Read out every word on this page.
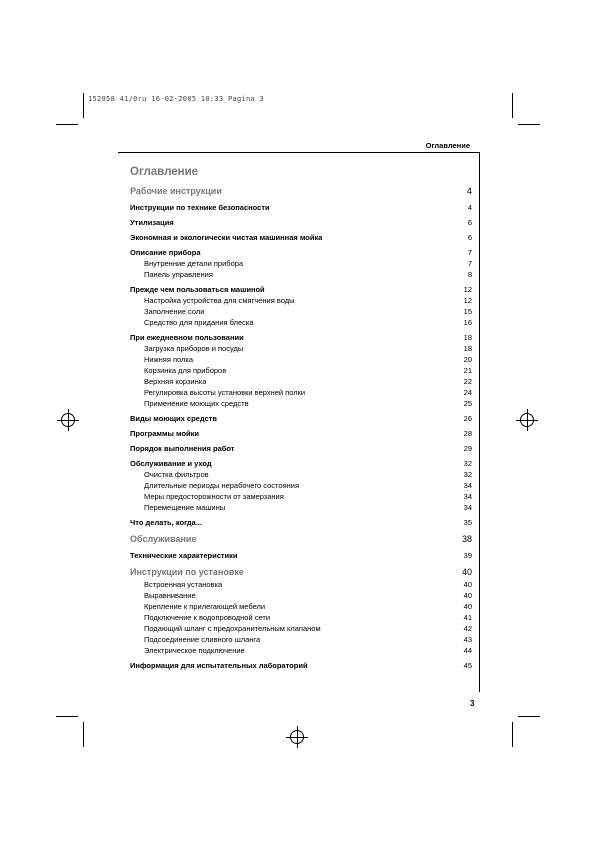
152958 41/0ru 16-02-2005 10:33 Pagina 3
Оглавление
Оглавление
Рабочие инструкции	4
Инструкции по технике безопасности	4
Утилизация	6
Экономная и экологически чистая машинная мойка	6
Описание прибора	7
Внутренние детали прибора	7
Панель управления	8
Прежде чем пользоваться машиной	12
Настройка устройства для смягчения воды	12
Заполнение соли	15
Средство для придания блеска	16
При ежедневном пользовании	18
Загрузка приборов и посуды	18
Нижняя полка	20
Корзинка для приборов	21
Верхняя корзинка	22
Регулировка высоты установки верхней полки	24
Применение моющих средств	25
Виды моющих средств	26
Программы мойки	28
Порядок выполнения работ	29
Обслуживание и уход	32
Очистка фильтров	32
Длительные периоды нерабочего состояния	34
Меры предосторожности от замерзания	34
Перемещение машины	34
Что делать, когда...	35
Обслуживание	38
Технические характеристики	39
Инструкции по установке	40
Встроенная установка	40
Выравнивание	40
Крепление к прилегающей мебели	40
Подключение к водопроводной сети	41
Подающий шланг с предохранительным клапаном	42
Подсоединение сливного шланга	43
Электрическое подключение	44
Информация для испытательных лабораторий	45
3
